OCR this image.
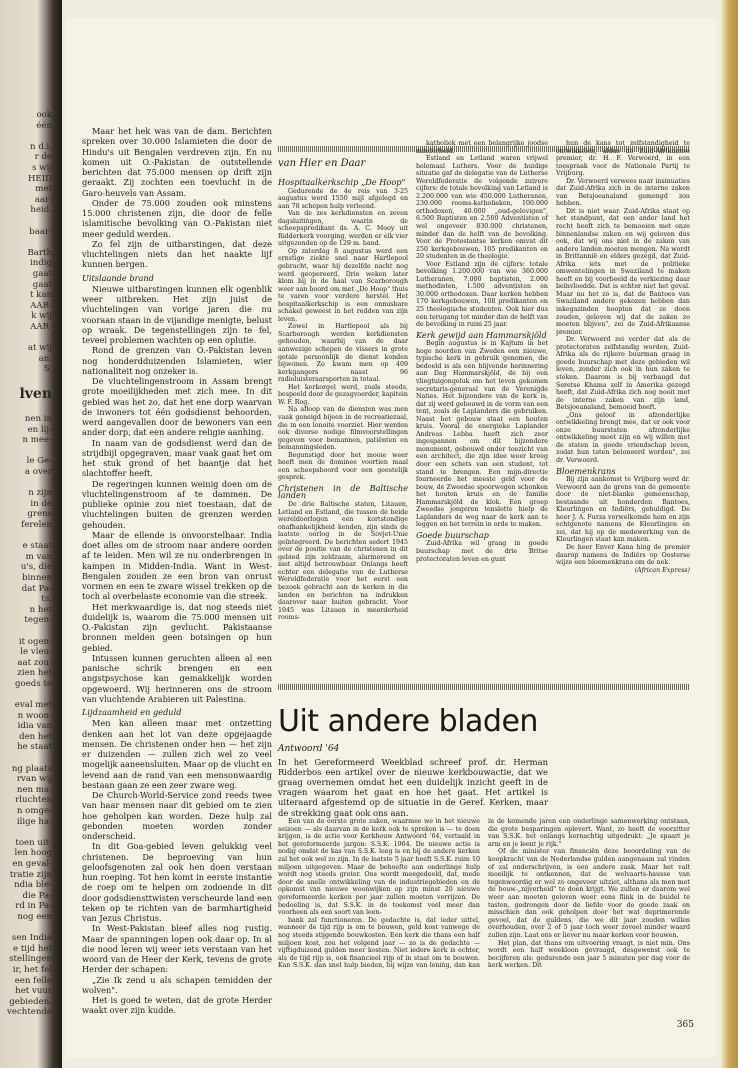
ook
één

n d.i.
r de
s wij
HEID
met
aar-
heid.

baar-

Barth
indig
gaat
gaat
t kan
AAR-
k wij
AAR-

at wij
an.
S.

lven

nen in
en lij-
n mee-

le Ge-
a over

n zijn
in de
grens
ferelen

e staat
m van
u's, die
binnen
dat Pa-
ts.
n het
tegen-

it ogen-
le vleu-
aat zou-
zien het
goeds te

eval met
n woon-
idia van
den het
he staat

ng plaats
rvan wij
nen ma-
rluchten
n omge-
ilige ha-

toen uit-
len hoog
en geval-
tratie zijn
ndia ble-
die Pa-
rd in Pa-
nog een

sen India
e tijd het
stellingen
ir, het fel
een felle
het vuur
gebieden.
vechtende

Maar het hek was van de dam. Berichten spreken over 30.000 Islamieten die door de Hindu's uit Bengalen verdreven zijn. En nu komen uit O.-Pakistan de outstellende berichten dat 75.000 mensen op drift zijn geraakt. Zij zochten een toevlucht in de Garo-heuvels van Assam.

Onder de 75.000 zouden ook minstens 15.000 christenen zijn, die door de felle islamitische bevolking van O.-Pakistan niet meer geduld werden.

Zo fel zijn de uitbarstingen, dat deze vluchtelingen niets dan het naakte lijf kunnen bergen.

Uitslaande brand

Nieuwe uitbarstingen kunnen elk ogenblik weer uitbreken. Het zijn juist de vluchtelingen van vorige jaren die nu vooraan staan in de vijandige menigte, belust op wraak. De tegenstellingen zijn te fel, teveel problemen wachten op een oplutie.

Rond de grenzen van O.-Pakistan leven nog honderdduizenden Islamieten, wier nationaliteit nog onzeker is.

De vluchtelingenstroom in Assam brengt grote moeilijkheden met zich mee. In dit gebied was het zo, dat het ene dorp waarvan de inwoners tot één godsdienst behoorden, werd aangevallen door de bewoners van een ander dorp, dat een andere religie aanhing.

In naam van de godsdienst werd dan de strijdbijl opgegraven, maar vaak gaat het om het stuk grond of het baantje dat het slachtoffer heeft.

De regeringen kunnen weinig doen om de vluchtelingenstroom af te dammen. De publieke opinie zou niet toestaan, dat de vluchtelingen buiten de grenzen werden gehouden.

Maar de ellende is onvoorstelbaar. India doet alles om de stroom naar andere oorden af te leiden. Men wil ze nu onderbrengen in kampen in Midden-India. Want in West-Bengalen zouden ze een bron van onrust vormen en een te zware wissel trekken op de toch al overbelaste economie van die streek.

Het merkwaardige is, dat nog steeds niet duidelijk is, waarom die 75.000 mensen uit O.-Pakistan zijn gevlucht. Pakistaanse bronnen melden geen botsingen op hun gebied.

Intussen kunnen geruchten alleen al een panische schrik brengen en een angstpsychose kan gemakkelijk worden opgewoerd. Wij herinneren ons de stroom van vluchtende Arabieren uit Palestina.

Lijdzaamheid en geduld

Men kan alleen maar met ontzetting denken aan het lot van deze opgejaagde mensen. De christenen onder hen — het zijn er duizenden — zullen zich wel zo veel mogelijk aaneensluiten. Maar op de vlucht en levend aan de rand van een mensonwaardig bestaan gaan ze een zeer zware weg.

De Church-World-Service zond reeds twee van haar mensen naar dit gebied om te zien hoe geholpen kan worden. Deze hulp zal gebonden moeten worden zonder onderscheid.

In dit Goa-gebied leven gelukkig veel christenen. De beproeving van hun geloofsgenoten zal ook hen doen verstaan hun roeping. Tot hen komt in eerste instantie de roep om te helpen om zodoende in dit door godsdiensttwisten verscheurde land een teken op te richten van de barmhartigheid van Jezus Christus.

In West-Pakistan bleef alles nog rustig. Maar de spanningen lopen ook daar op. In al die nood leren wij weer iets verstaan van het woord van de Heer der Kerk, tevens de grote Herder der schapen:

„Zie Ik zend u als schapen temidden der wolven".

Het is goed te weten, dat de grote Herder waakt over zijn kudde.

van Hier en Daar
Hospitaalkerkschip „De Hoop"

Gedurende de 4e reis van 3-25 augustus werd 1550 mijl afgelegd en aan 78 schepen hulp verleend.

Van de zes kerkdiensten en zeven dagsluitingen, waarin de scheepspredikant ds. A. C. Mooy uit Ridderkerk voorging, werden er elk vier uitgezonden op de 129 m. band.

Op zaterdag 8 augustus werd een ernstige ziekte snel naar Hartlepool gebracht, waar hij dezelfde nacht nog werd geopereerd. Drie weken later klom hij in de haal van Scarborough weer aan boord om met „De Hoop" thuis te varen voor verdere herstel. Het hospitaalkerkschip is een onmisbare schakel geweest in het redden van zijn leven.

Zowel in Hartlepool als bij Scarborough werden kerkdiensten gehouden, waarbij van de daar aanwezige schepen de vissers in grote getale persoonlijk de dienst konden bijwonen. Zo kwam men op 409 kerkgangers naast 96 radioluisteraarsporten in totaal.

Het kerkorgel werd, zoals steeds, bespeeld door de gezagvoerder, kapitein W. F. Rog.

Na afloop van de diensten was men vaak geneigd bijeen in de recreatiezaal, die in een lonoite voorziet. Hier werden ook diverse nodige filmvoorstellingen gegeven voor bemannen, patiënten en bemanningsleden.

Begunstigd door het mooie weer heeft men de dominee voortien maal een scheepsboord voor een geestelijk gesprek.

Christenen in de Baltische landen

De drie Baltische staten, Litauen, Letland en Estland, die tussen de beide wereldoorlogen een kortstondige onafhankelijkheid kenden, zijn sinds de laatste oorlog in de Sovjet-Unie geïntegreerd. De berichten sedert 1945 over de positie van de christenen in dit gebied zijn zeldzaam, alarmerend en niet altijd betrouwbaar. Onlangs heeft echter een delegatie van de Lutherse Wereldfederatie voor het eerst een bezoek gebracht aan de kerken in die landen en berichten na indrukken daarover naar buiten gebracht. Voor 1945 was Litauen in meerderheid rooms-

katholiek met een belangrijke joodse minderheid.

Estland en Letland waren vrijwel helemaal Luthers. Voor de huidige situatie gaf de delegatie van de Lutherse Wereldfederatie de volgende zuivere cijfers: de totale bevolking van Letland is 2.200.000 van wie 450.000 Lutheranen, 230.000 rooms-katholieken, 100.000 orthodoxen, 40.000 „oud-gelovigen", 6.500 Baptisten en 2.500 Adventisten of wel ongeveer 830.000 christenen, minder dan de helft van de bevolking. Voor de Protestantse kerken omvat dit 250 kerkgebouwen, 105 predikanten en 20 studenten in de theologie.

Voor Estland zijn de cijfers: totale bevolking 1.200.000 van wie 360.000 Lutheranen, 7.000 baptisten, 2.000 methodisten, 1.500 adventisten en 30.000 orthodoxen. Daar kerken hebben 170 kerkgebouwen, 108 predikanten en 25 theologische studenten. Ook hier dus een terugang tot minder dan de helft van de bevolking in ruim 25 jaar.

Kerk gewijd aan Hammarskjöld

Begin augustus is in Kajtum in het hoge noorden van Zweden een nieuwe, typische kerk in gebruik genomen, die bedoeld is als een blijvende herinnering aan Dag Hammarskjöld, de bij een vliegtuigongeluk om het leven gekomen secretaris-generaal van de Verenigde Naties. Het bijzondere van de kerk is, dat zij werd gebouwd in de vorm van een tent, zoals de Laplanders die gebruiken. Naast het gebouw staat een houten kruis. Vooral de energieke Laplander Andreas Lebba heeft zich zeer ingespannen om dit bijzondere monument, gebouwd onder toezicht van een architect, die zijn idee weer kreeg door een schets van een student, tot stand te brengen. Een mijn-directie fourneerde het meeste geld voor de bouw, de Zweedse spoorwegen schonken het houten kruis en de familie Hammarskjöld de klok. Een groep Zweedse jongeren tenslotte hielp de Laplanders de weg naar de kerk aan te leggen en het terrein in orde te maken.

Goede buurschap

Zuid-Afrika wil graag in goede buurschap met de drie Britse protectoraten leven en gunt

hun de kans tot zelfstandigheid te ontwikkelen, aldus de Zuid-Afrikaanse premier, dr. H. F. Verwoerd, in een toespraak voor de Nationale Partij te Vrijburg.

Dr. Verwoerd verwees naar insinuaties dat Zuid-Afrika zich in de interne zaken van Betsjoeanaland gemengd zou hebben.

Dit is niet waar. Zuid-Afrika staat op het standpunt, dat een ander land het recht heeft zich te bemoeien met onze binnenlandse zaken en wij geloven dus ook, dat wij ons niet in de zaken van andere landen moeten mengen. Na wordt in Brittannië en elders gezegd, dat Zuid-Afrika iets met de politieke omwentelingen in Swaziland te maken heeft en bij voorbeeld de verkiezing daar beïnvloedde. Dat is echter niet het geval. Maar nu het zo is, dat de Bantoes van Swaziland andere gekozen hebben dan inkegazinden hoopten dat ze doen zouden, geloven wij dat de zaken zo moeten blijven", zei de Zuid-Afrikaanse premier.

Dr. Verwoerd zei verder dat als de protectoraten zelfstandig worden, Zuid-Afrika als de rijkere buurman graag in goede buurschap met deze gebieden wil leven, zonder zich ook in hun zaken te steken. Daarom is bij verbaugd dat Seretse Khama zelf in Amerika gezegd heeft, dat Zuid-Afrika zich nog nooit met de interne zaken van zijn land, Betsjoeanaland, bemoeid heeft.

„Ons geloof in afzonderlijke ontwikkeling brengt mee, dat er ook voor onze buurstaten afzonderlijke ontwikkeling moet zijn en wij willen met de staten in goede vriendschap leven, zodat hun taten beloneerd worden", zei dr. Verwoerd.

Bloemenkrans

Bij zijn aankomst te Vrijburg werd dr. Verwoerd aan de grens van de gemeente door de niet-blanke gemeenschap, bestaande uit honderden Bantoes, Kleurlingen en Indiërs, gehuldigd. De heer J. A. Furza verwelkomde hem en zijn echtgenote namens de Kleurlingen en zei, dat hij op de medewerking van de Kleurlingen staat kan maken.

De heer Enver Kana hing de premier daarop namens de Indiërs op Oosterse wijze een bloemenkrans om de nek.

(African Express)
Uit andere bladen
Antwoord '64
In het Gereformeerd Weekblad schreef prof. dr. Herman Ridderbos een artikel over de nieuwe kerkbouwactie, dat we graag overnemen omdat het een duidelijk inzicht geeft in de vragen waarom het gaat en hoe het gaat. Het artikel is uiteraard afgestemd op de situatie in de Geref. Kerken, maar de strekking gaat ook ons aan.

Een van de eerste grote zaken, waarmee we in het nieuwe seizoen — als daarvan in de kerk ook te spreken is — te doen krijgen, is de actie voor Kerkhouw Antwoord '64, vertaald in het gereformeerde jargon: S.S.K. 1964. De nieuwe actie is nodig omdat de kas van S.S.K. leeg is en bij de andere kerken zal het ook wel zo zijn. In de laatste 5 jaar heeft S.S.K. ruim 10 miljoen uitgegeven. Maar de behoefte aan onderlinge hulp wordt nog steeds groter. Ons wordt meegedeeld, dat, mede door de snelle ontwikkeling van de industriegebieden en de opkomst van nieuwe woonwijken op zijn minst 20 nieuwe gereformeerde kerken per jaar zullen moeten verrijzen. De bedoeling is, dat S.S.K. in de toekomst veel meer dan voorheen als een soort van leen-

bank zal functioneren. De gedachte is, dat ieder uittel, wanneer de tijd rijp is om te bouwen, geld kost vanwege de nog steeds stijgende bouwkosten. Een kerk die thans een half miljoen kost, zou het volgend jaar — zo is de gedachte — vijftigduizend gulden meer kosten. Niet iedere kerk is echter, als de tijd rijp is, ook financieel rijp of in staat om te bouwen. Kan S.S.K. dan snel hulp bieden, bij wijze van lening, dan kan in de komende jaren een onderlinge samenwerking ontstaan, die grote besparingen oplevert. Want, zo heeft de voorzitter van S.S.K. het onlangs kernachtig uitgedrukt: „Je spaart je arm en je leent je rijk."

Of de minister van financiën deze beoordeling van de koopkracht van de Nederlandse gulden aangenaam zal vinden of zal onderschrijven, is een andere zaak. Maar het valt moeilijk te ontkennen, dat de welvaarts-hausse van tegenwoordig er wel zo ongeveer uitziet, althans als men met de bouw-„nijverheid" te doen krijgt. We zullen er daarom wel weer aan moeten geloven weer eens flink in de buidel te tasten, gedrongen door de liefde voor de goede zaak en misschien dan ook geholpen door het wat deprimerende gevoel, dat de guldens, die we dit jaar zouden willen overhouden, over 2 of 5 jaar toch weer zoveel minder waard zullen zijn. Laat ons er liever nu maar kerken voor bouwen.

Het plan, dat thans om uitvoering vraagt, is niet min. Ons wordt een half weekloon gevraagd, desgewenst ook te becijferen als: gedurende een jaar 5 minuten per dag voor de kerk werken. Dit

365
